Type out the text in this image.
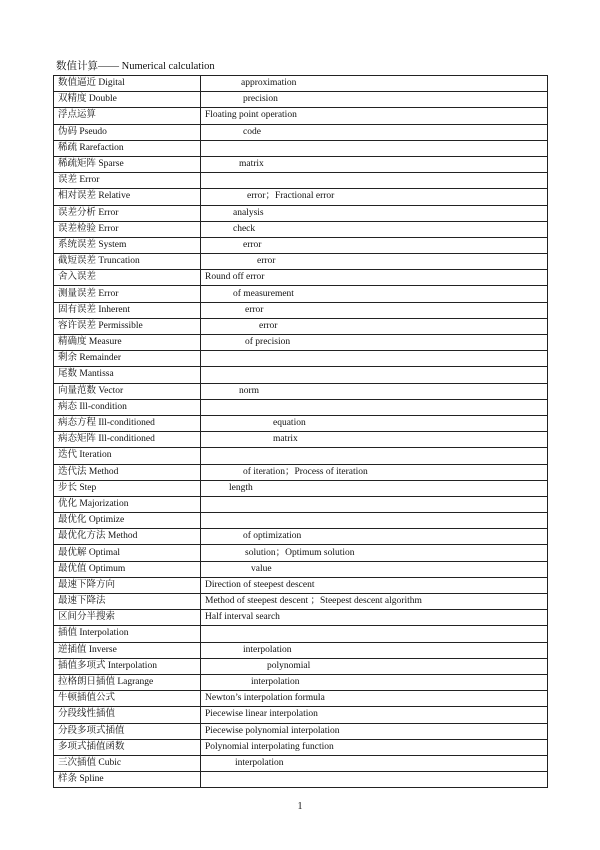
数值计算—— Numerical calculation
数值逼近 Digital	approximation
双精度 Double	precision
浮点运算	Floating point operation
伪码 Pseudo	code
稀疏 Rarefaction	
稀疏矩阵 Sparse	matrix
误差 Error	
相对误差 Relative	error；Fractional error
误差分析 Error	analysis
误差检验 Error	check
系统误差 System	error
截短误差 Truncation	error
舍入误差	Round off error
测量误差 Error	of measurement
固有误差 Inherent	error
容许误差 Permissible	error
精确度 Measure	of precision
剩余 Remainder	
尾数 Mantissa	
向量范数 Vector	norm
病态 Ill-condition	
病态方程 Ill-conditioned	equation
病态矩阵 Ill-conditioned	matrix
迭代 Iteration	
迭代法 Method	of iteration；Process of iteration
步长 Step	length
优化 Majorization	
最优化 Optimize	
最优化方法 Method	of optimization
最优解 Optimal	solution；Optimum solution
最优值 Optimum	value
最速下降方向	Direction of steepest descent
最速下降法	Method of steepest descent ；Steepest descent algorithm
区间分半搜索	Half interval search
插值 Interpolation	
逆插值 Inverse	interpolation
插值多项式 Interpolation	polynomial
拉格朗日插值 Lagrange	interpolation
牛顿插值公式	Newton’s interpolation formula
分段线性插值	Piecewise linear interpolation
分段多项式插值	Piecewise polynomial interpolation
多项式插值函数	Polynomial interpolating function
三次插值 Cubic	interpolation
样条 Spline	
1
